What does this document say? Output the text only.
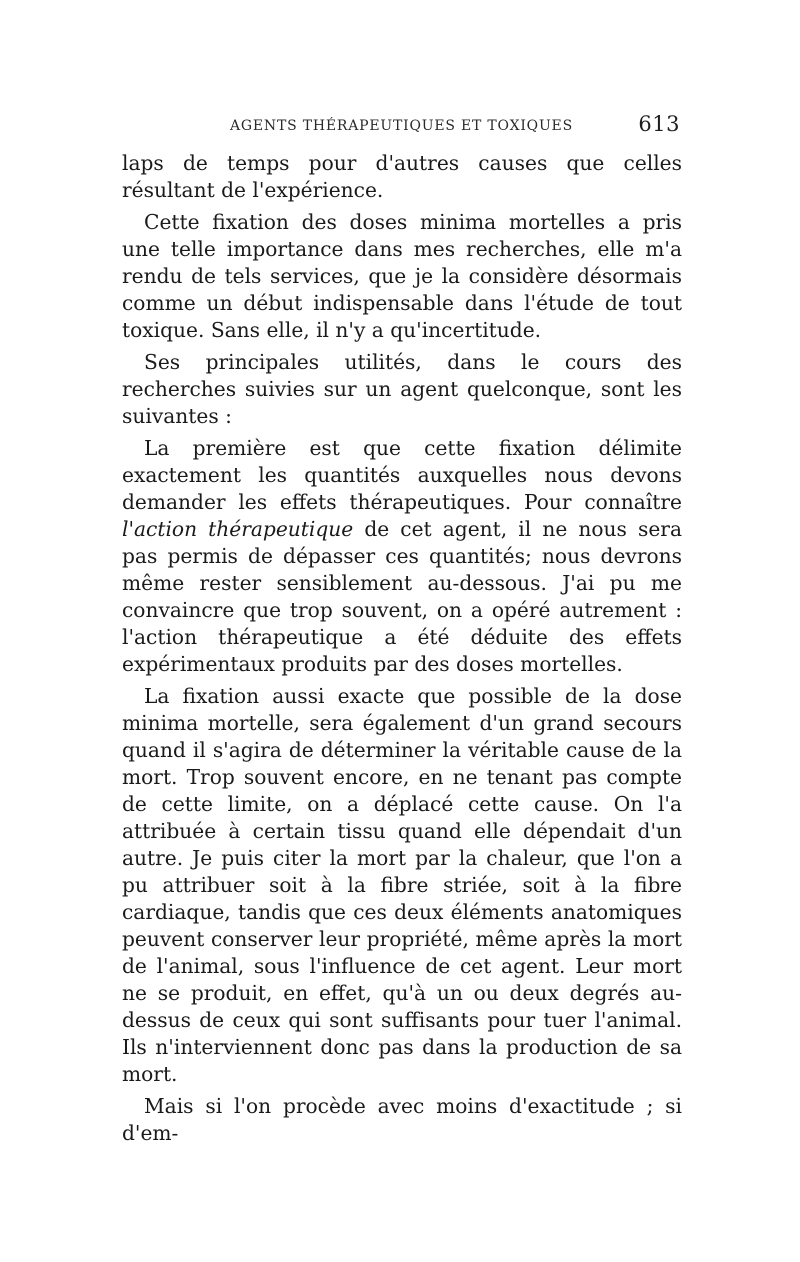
AGENTS THÉRAPEUTIQUES ET TOXIQUES	613

laps de temps pour d'autres causes que celles résultant de l'expérience.

Cette fixation des doses minima mortelles a pris une telle importance dans mes recherches, elle m'a rendu de tels services, que je la considère désormais comme un début indispensable dans l'étude de tout toxique. Sans elle, il n'y a qu'incertitude.

Ses principales utilités, dans le cours des recherches suivies sur un agent quelconque, sont les suivantes :

La première est que cette fixation délimite exactement les quantités auxquelles nous devons demander les effets thérapeutiques. Pour connaître l'action thérapeutique de cet agent, il ne nous sera pas permis de dépasser ces quantités; nous devrons même rester sensiblement au-dessous. J'ai pu me convaincre que trop souvent, on a opéré autrement : l'action thérapeutique a été déduite des effets expérimentaux produits par des doses mortelles.

La fixation aussi exacte que possible de la dose minima mortelle, sera également d'un grand secours quand il s'agira de déterminer la véritable cause de la mort. Trop souvent encore, en ne tenant pas compte de cette limite, on a déplacé cette cause. On l'a attribuée à certain tissu quand elle dépendait d'un autre. Je puis citer la mort par la chaleur, que l'on a pu attribuer soit à la fibre striée, soit à la fibre cardiaque, tandis que ces deux éléments anatomiques peuvent conserver leur propriété, même après la mort de l'animal, sous l'influence de cet agent. Leur mort ne se produit, en effet, qu'à un ou deux degrés au-dessus de ceux qui sont suffisants pour tuer l'animal. Ils n'interviennent donc pas dans la production de sa mort.

Mais si l'on procède avec moins d'exactitude ; si d'em-
